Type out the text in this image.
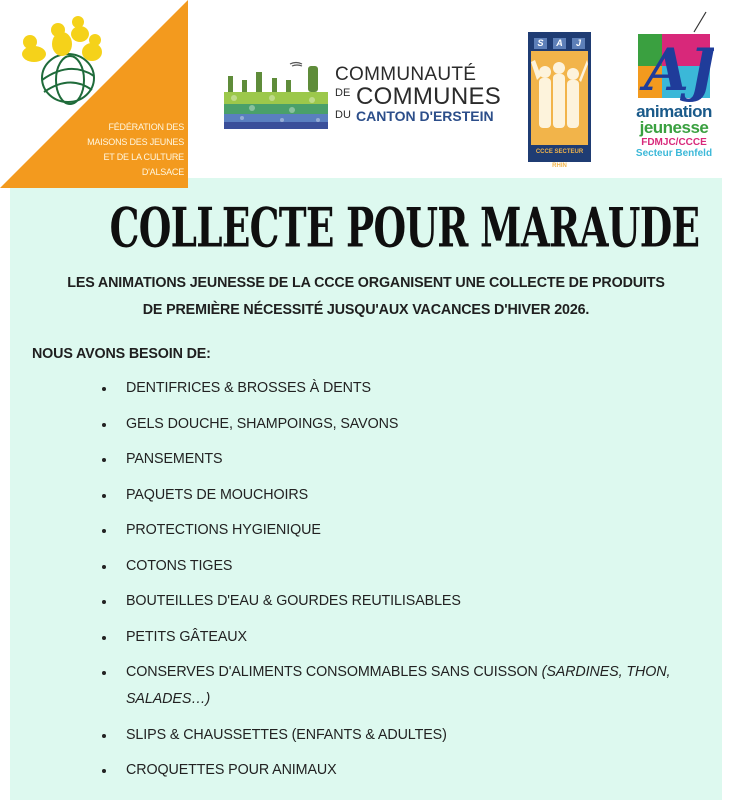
FÉDÉRATION DES
MAISONS DES JEUNES
ET DE LA CULTURE
D'ALSACE
COMMUNAUTÉ
DE COMMUNES
DU CANTON D'ERSTEIN
S	A	J
CCCE SECTEUR RHIN
AJ
animation
jeunesse
FDMJC/CCCE
Secteur Benfeld
COLLECTE POUR MARAUDE
LES ANIMATIONS JEUNESSE DE LA CCCE ORGANISENT UNE COLLECTE DE PRODUITS
DE PREMIÈRE NÉCESSITÉ JUSQU'AUX VACANCES D'HIVER 2026.
NOUS AVONS BESOIN DE:
DENTIFRICES & BROSSES À DENTS
GELS DOUCHE, SHAMPOINGS, SAVONS
PANSEMENTS
PAQUETS DE MOUCHOIRS
PROTECTIONS HYGIENIQUE
COTONS TIGES
BOUTEILLES D'EAU & GOURDES REUTILISABLES
PETITS GÂTEAUX
CONSERVES D'ALIMENTS CONSOMMABLES SANS CUISSON (SARDINES, THON, SALADES…)
SLIPS & CHAUSSETTES (ENFANTS & ADULTES)
CROQUETTES POUR ANIMAUX
